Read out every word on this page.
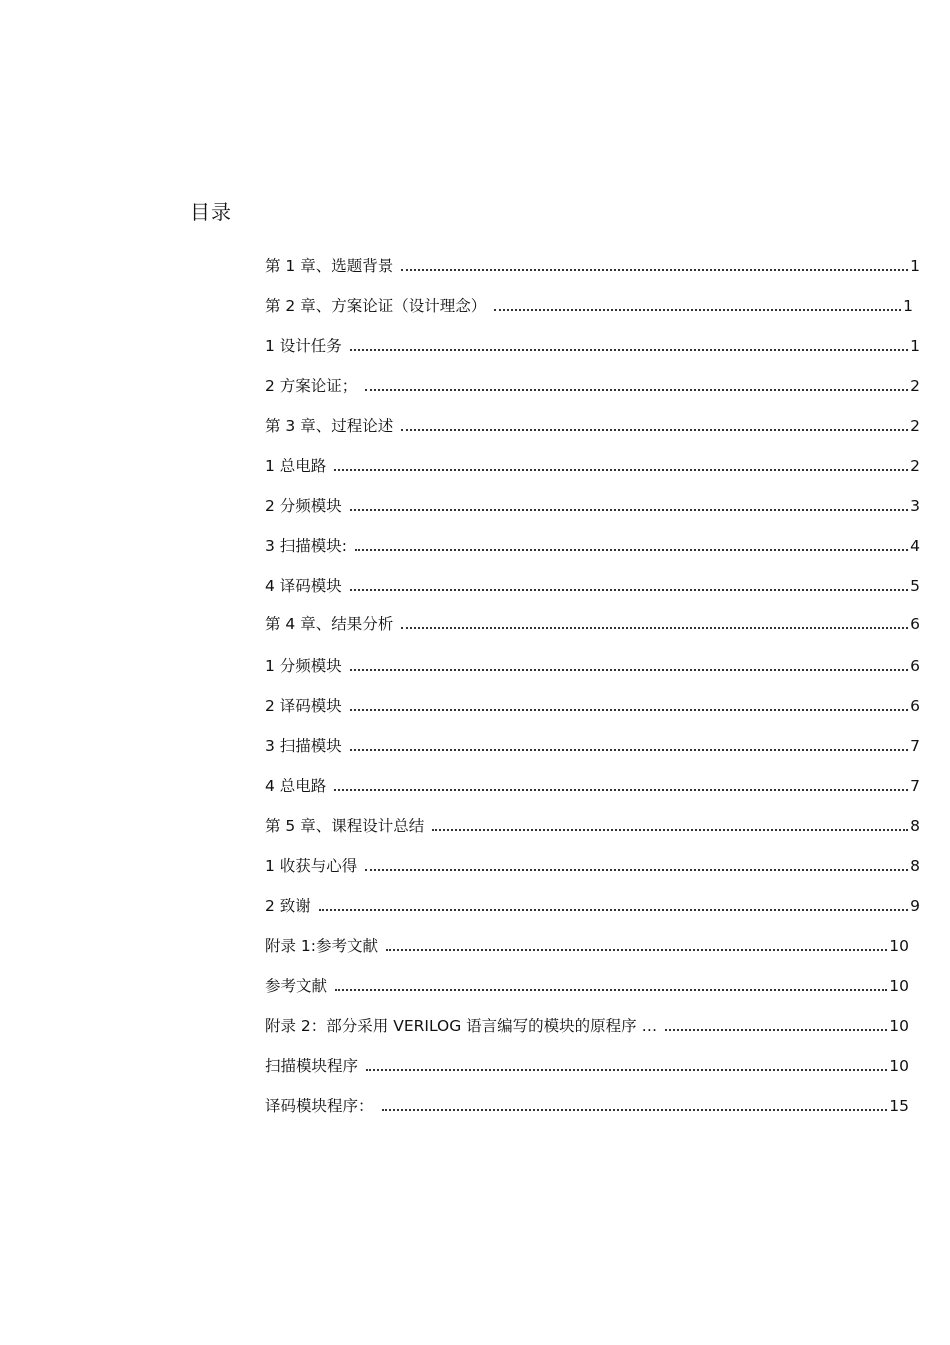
目录
第 1 章、选题背景	1
第 2 章、方案论证（设计理念）	1
1 设计任务	1
2 方案论证；	2
第 3 章、过程论述	2
1 总电路	2
2 分频模块	3
3 扫描模块:	4
4 译码模块	5
第 4 章、结果分析	6
1 分频模块	6
2 译码模块	6
3 扫描模块	7
4 总电路	7
第 5 章、课程设计总结	8
1 收获与心得	8
2 致谢	9
附录 1:参考文献	10
参考文献	10
附录 2：部分采用 VERILOG 语言编写的模块的原程序 …	10
扫描模块程序	10
译码模块程序：	15
